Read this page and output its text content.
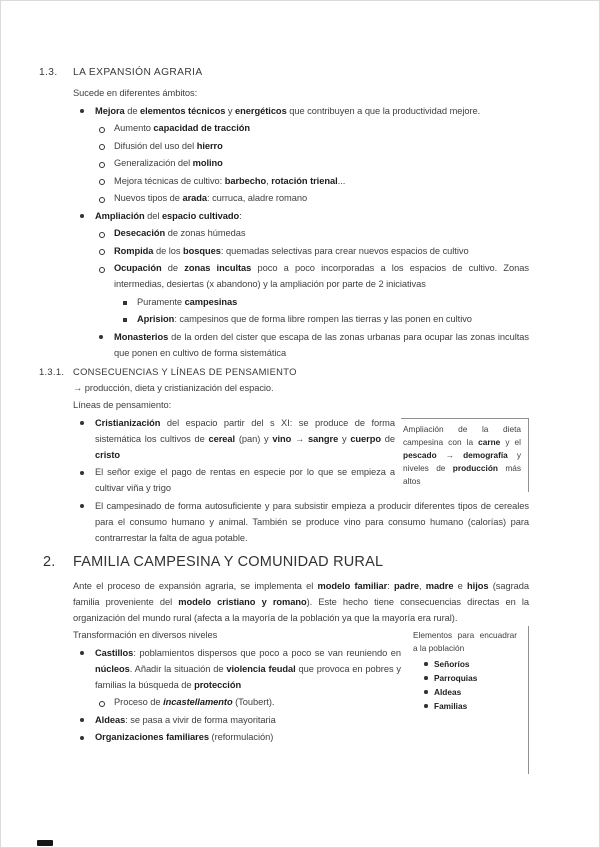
1.3.	LA EXPANSIÓN AGRARIA

Sucede en diferentes ámbitos:

Mejora de elementos técnicos y energéticos que contribuyen a que la productividad mejore.
Aumento capacidad de tracción
Difusión del uso del hierro
Generalización del molino
Mejora técnicas de cultivo: barbecho, rotación trienal...
Nuevos tipos de arada: curruca, aladre romano
Ampliación del espacio cultivado:
Desecación de zonas húmedas
Rompida de los bosques: quemadas selectivas para crear nuevos espacios de cultivo
Ocupación de zonas incultas poco a poco incorporadas a los espacios de cultivo. Zonas intermedias, desiertas (x abandono) y la ampliación por parte de 2 iniciativas
Puramente campesinas
Aprision: campesinos que de forma libre rompen las tierras y las ponen en cultivo
Monasterios de la orden del cister que escapa de las zonas urbanas para ocupar las zonas incultas que ponen en cultivo de forma sistemática
1.3.1. CONSECUENCIAS Y LÍNEAS DE PENSAMIENTO

→ producción, dieta y cristianización del espacio.

Líneas de pensamiento:

Cristianización del espacio partir del s XI: se produce de forma sistemática los cultivos de cereal (pan) y vino → sangre y cuerpo de cristo
El señor exige el pago de rentas en especie por lo que se empieza a cultivar viña y trigo
El campesinado de forma autosuficiente y para subsistir empieza a producir diferentes tipos de cereales para el consumo humano y animal. También se produce vino para consumo humano (calorías) para contrarrestar la falta de agua potable.
2.	FAMILIA CAMPESINA Y COMUNIDAD RURAL

Ante el proceso de expansión agraria, se implementa el modelo familiar: padre, madre e hijos (sagrada familia proveniente del modelo cristiano y romano). Este hecho tiene consecuencias directas en la organización del mundo rural (afecta a la mayoría de la población ya que la mayoría era rural).

Transformación en diversos niveles

Castillos: poblamientos dispersos que poco a poco se van reuniendo en núcleos. Añadir la situación de violencia feudal que provoca en pobres y familias la búsqueda de protección
Proceso de incastellamento (Toubert).
Aldeas: se pasa a vivir de forma mayoritaria
Organizaciones familiares (reformulación)
Ampliación de la dieta campesina con la carne y el pescado → demografía y niveles de producción más altos

Elementos para encuadrar a la población

Señoríos
Parroquias
Aldeas
Familias
